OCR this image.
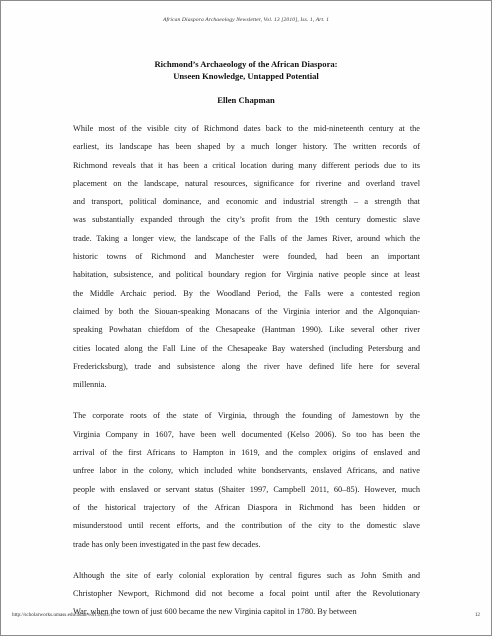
African Diaspora Archaeology Newsletter, Vol. 13 [2010], Iss. 1, Art. 1
Richmond’s Archaeology of the African Diaspora:
Unseen Knowledge, Untapped Potential
Ellen Chapman
While most of the visible city of Richmond dates back to the mid-nineteenth century at the
earliest, its landscape has been shaped by a much longer history. The written records of
Richmond reveals that it has been a critical location during many different periods due to its
placement on the landscape, natural resources, significance for riverine and overland travel
and transport, political dominance, and economic and industrial strength – a strength that
was substantially expanded through the city’s profit from the 19th century domestic slave
trade. Taking a longer view, the landscape of the Falls of the James River, around which the
historic towns of Richmond and Manchester were founded, had been an important
habitation, subsistence, and political boundary region for Virginia native people since at least
the Middle Archaic period. By the Woodland Period, the Falls were a contested region
claimed by both the Siouan-speaking Monacans of the Virginia interior and the Algonquian-
speaking Powhatan chiefdom of the Chesapeake (Hantman 1990). Like several other river
cities located along the Fall Line of the Chesapeake Bay watershed (including Petersburg and
Fredericksburg), trade and subsistence along the river have defined life here for several
millennia.
The corporate roots of the state of Virginia, through the founding of Jamestown by the
Virginia Company in 1607, have been well documented (Kelso 2006). So too has been the
arrival of the first Africans to Hampton in 1619, and the complex origins of enslaved and
unfree labor in the colony, which included white bondservants, enslaved Africans, and native
people with enslaved or servant status (Shaiter 1997, Campbell 2011, 60–85). However, much
of the historical trajectory of the African Diaspora in Richmond has been hidden or
misunderstood until recent efforts, and the contribution of the city to the domestic slave
trade has only been investigated in the past few decades.
Although the site of early colonial exploration by central figures such as John Smith and
Christopher Newport, Richmond did not become a focal point until after the Revolutionary
War, when the town of just 600 became the new Virginia capitol in 1780. By between
http://scholarworks.umass.edu/adan/vol13/iss1/1	12
